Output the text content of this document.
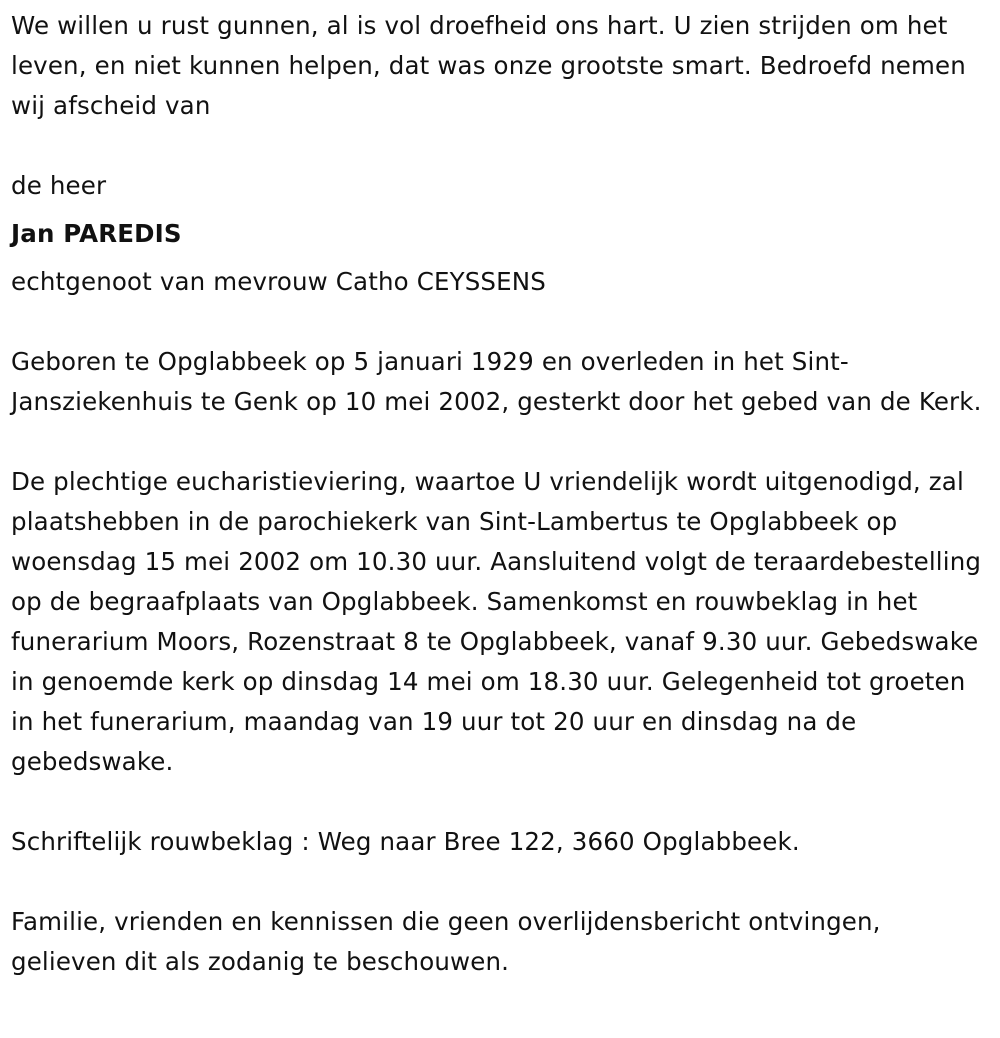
We willen u rust gunnen, al is vol droefheid ons hart. U zien strijden om het leven, en niet kunnen helpen, dat was onze grootste smart. Bedroefd nemen wij afscheid van

de heer

Jan PAREDIS

echtgenoot van mevrouw Catho CEYSSENS

Geboren te Opglabbeek op 5 januari 1929 en overleden in het Sint-Jansziekenhuis te Genk op 10 mei 2002, gesterkt door het gebed van de Kerk.

De plechtige eucharistieviering, waartoe U vriendelijk wordt uitgenodigd, zal plaatshebben in de parochiekerk van Sint-Lambertus te Opglabbeek op woensdag 15 mei 2002 om 10.30 uur. Aansluitend volgt de teraardebestelling op de begraafplaats van Opglabbeek. Samenkomst en rouwbeklag in het funerarium Moors, Rozenstraat 8 te Opglabbeek, vanaf 9.30 uur. Gebedswake in genoemde kerk op dinsdag 14 mei om 18.30 uur. Gelegenheid tot groeten in het funerarium, maandag van 19 uur tot 20 uur en dinsdag na de gebedswake.

Schriftelijk rouwbeklag : Weg naar Bree 122, 3660 Opglabbeek.

Familie, vrienden en kennissen die geen overlijdensbericht ontvingen, gelieven dit als zodanig te beschouwen.
